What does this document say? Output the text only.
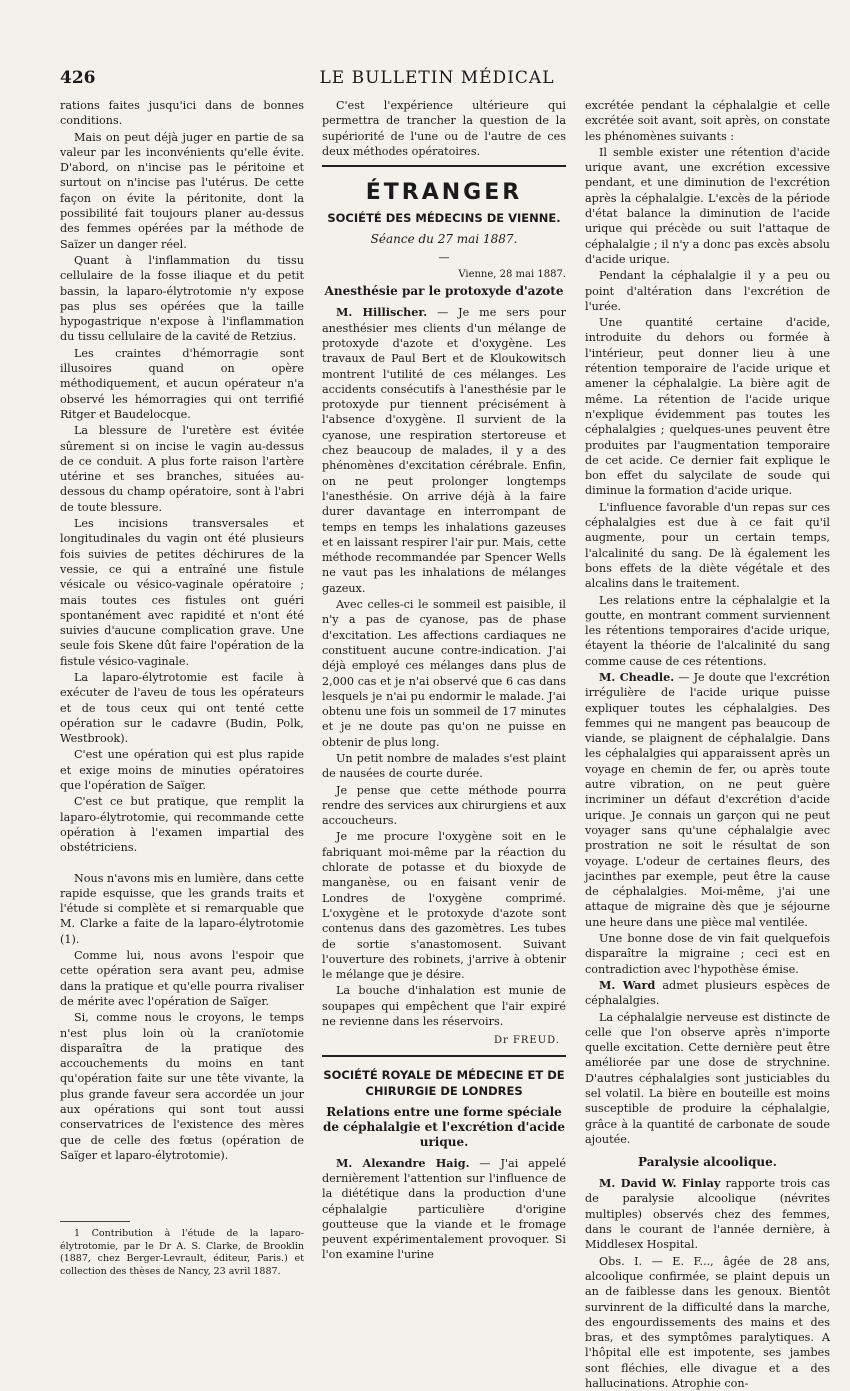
426	LE BULLETIN MÉDICAL

rations faites jusqu'ici dans de bonnes conditions.

Mais on peut déjà juger en partie de sa valeur par les inconvénients qu'elle évite. D'abord, on n'incise pas le péritoine et surtout on n'incise pas l'utérus. De cette façon on évite la péritonite, dont la possibilité fait toujours planer au-dessus des femmes opérées par la méthode de Saïzer un danger réel.

Quant à l'inflammation du tissu cellulaire de la fosse iliaque et du petit bassin, la laparo-élytrotomie n'y expose pas plus ses opérées que la taille hypogastrique n'expose à l'inflammation du tissu cellulaire de la cavité de Retzius.

Les craintes d'hémorragie sont illusoires quand on opère méthodiquement, et aucun opérateur n'a observé les hémorragies qui ont terrifié Ritger et Baudelocque.

La blessure de l'uretère est évitée sûrement si on incise le vagin au-dessus de ce conduit. A plus forte raison l'artère utérine et ses branches, situées au-dessous du champ opératoire, sont à l'abri de toute blessure.

Les incisions transversales et longitudinales du vagin ont été plusieurs fois suivies de petites déchirures de la vessie, ce qui a entraîné une fistule vésicale ou vésico-vaginale opératoire ; mais toutes ces fistules ont guéri spontanément avec rapidité et n'ont été suivies d'aucune complication grave. Une seule fois Skene dût faire l'opération de la fistule vésico-vaginale.

La laparo-élytrotomie est facile à exécuter de l'aveu de tous les opérateurs et de tous ceux qui ont tenté cette opération sur le cadavre (Budin, Polk, Westbrook).

C'est une opération qui est plus rapide et exige moins de minuties opératoires que l'opération de Saïger.

C'est ce but pratique, que remplit la laparo-élytrotomie, qui recommande cette opération à l'examen impartial des obstétriciens.

Nous n'avons mis en lumière, dans cette rapide esquisse, que les grands traits et l'étude si complète et si remarquable que M. Clarke a faite de la laparo-élytrotomie (1).

Comme lui, nous avons l'espoir que cette opération sera avant peu, admise dans la pratique et qu'elle pourra rivaliser de mérite avec l'opération de Saïger.

Si, comme nous le croyons, le temps n'est plus loin où la cranïotomie disparaîtra de la pratique des accouchements du moins en tant qu'opération faite sur une tête vivante, la plus grande faveur sera accordée un jour aux opérations qui sont tout aussi conservatrices de l'existence des mères que de celle des fœtus (opération de Saïger et laparo-élytrotomie).

1 Contribution à l'étude de la laparo-élytrotomie, par le Dr A. S. Clarke, de Brooklin (1887, chez Berger-Levrault, éditeur, Paris.) et collection des thèses de Nancy, 23 avril 1887.

C'est l'expérience ultérieure qui permettra de trancher la question de la supériorité de l'une ou de l'autre de ces deux méthodes opératoires.

ÉTRANGER
SOCIÉTÉ DES MÉDECINS DE VIENNE.
Séance du 27 mai 1887.
—
Vienne, 28 mai 1887.
Anesthésie par le protoxyde d'azote

M. Hillischer. — Je me sers pour anesthésier mes clients d'un mélange de protoxyde d'azote et d'oxygène. Les travaux de Paul Bert et de Kloukowitsch montrent l'utilité de ces mélanges. Les accidents consécutifs à l'anesthésie par le protoxyde pur tiennent précisément à l'absence d'oxygène. Il survient de la cyanose, une respiration stertoreuse et chez beaucoup de malades, il y a des phénomènes d'excitation cérébrale. Enfin, on ne peut prolonger longtemps l'anesthésie. On arrive déjà à la faire durer davantage en interrompant de temps en temps les inhalations gazeuses et en laissant respirer l'air pur. Mais, cette méthode recommandée par Spencer Wells ne vaut pas les inhalations de mélanges gazeux.

Avec celles-ci le sommeil est paisible, il n'y a pas de cyanose, pas de phase d'excitation. Les affections cardiaques ne constituent aucune contre-indication. J'ai déjà employé ces mélanges dans plus de 2,000 cas et je n'ai observé que 6 cas dans lesquels je n'ai pu endormir le malade. J'ai obtenu une fois un sommeil de 17 minutes et je ne doute pas qu'on ne puisse en obtenir de plus long.

Un petit nombre de malades s'est plaint de nausées de courte durée.

Je pense que cette méthode pourra rendre des services aux chirurgiens et aux accoucheurs.

Je me procure l'oxygène soit en le fabriquant moi-même par la réaction du chlorate de potasse et du bioxyde de manganèse, ou en faisant venir de Londres de l'oxygène comprimé. L'oxygène et le protoxyde d'azote sont contenus dans des gazomètres. Les tubes de sortie s'anastomosent. Suivant l'ouverture des robinets, j'arrive à obtenir le mélange que je désire.

La bouche d'inhalation est munie de soupapes qui empêchent que l'air expiré ne revienne dans les réservoirs.

Dr FREUD.
SOCIÉTÉ ROYALE DE MÉDECINE ET DE CHIRURGIE DE LONDRES
Relations entre une forme spéciale de céphalalgie et l'excrétion d'acide urique.

M. Alexandre Haig. — J'ai appelé dernièrement l'attention sur l'influence de la diététique dans la production d'une céphalalgie particulière d'origine goutteuse que la viande et le fromage peuvent expérimentalement provoquer. Si l'on examine l'urine

excrétée pendant la céphalalgie et celle excrétée soit avant, soit après, on constate les phénomènes suivants :

Il semble exister une rétention d'acide urique avant, une excrétion excessive pendant, et une diminution de l'excrétion après la céphalalgie. L'excès de la période d'état balance la diminution de l'acide urique qui précède ou suit l'attaque de céphalalgie ; il n'y a donc pas excès absolu d'acide urique.

Pendant la céphalalgie il y a peu ou point d'altération dans l'excrétion de l'urée.

Une quantité certaine d'acide, introduite du dehors ou formée à l'intérieur, peut donner lieu à une rétention temporaire de l'acide urique et amener la céphalalgie. La bière agit de même. La rétention de l'acide urique n'explique évidemment pas toutes les céphalalgies ; quelques-unes peuvent être produites par l'augmentation temporaire de cet acide. Ce dernier fait explique le bon effet du salycilate de soude qui diminue la formation d'acide urique.

L'influence favorable d'un repas sur ces céphalalgies est due à ce fait qu'il augmente, pour un certain temps, l'alcalinité du sang. De là également les bons effets de la diète végétale et des alcalins dans le traitement.

Les relations entre la céphalalgie et la goutte, en montrant comment surviennent les rétentions temporaires d'acide urique, étayent la théorie de l'alcalinité du sang comme cause de ces rétentions.

M. Cheadle. — Je doute que l'excrétion irrégulière de l'acide urique puisse expliquer toutes les céphalalgies. Des femmes qui ne mangent pas beaucoup de viande, se plaignent de céphalalgie. Dans les céphalalgies qui apparaissent après un voyage en chemin de fer, ou après toute autre vibration, on ne peut guère incriminer un défaut d'excrétion d'acide urique. Je connais un garçon qui ne peut voyager sans qu'une céphalalgie avec prostration ne soit le résultat de son voyage. L'odeur de certaines fleurs, des jacinthes par exemple, peut être la cause de céphalalgies. Moi-même, j'ai une attaque de migraine dès que je séjourne une heure dans une pièce mal ventilée.

Une bonne dose de vin fait quelquefois disparaître la migraine ; ceci est en contradiction avec l'hypothèse émise.

M. Ward admet plusieurs espèces de céphalalgies.

La céphalalgie nerveuse est distincte de celle que l'on observe après n'importe quelle excitation. Cette dernière peut être améliorée par une dose de strychnine. D'autres céphalalgies sont justiciables du sel volatil. La bière en bouteille est moins susceptible de produire la céphalalgie, grâce à la quantité de carbonate de soude ajoutée.

Paralysie alcoolique.

M. David W. Finlay rapporte trois cas de paralysie alcoolique (névrites multiples) observés chez des femmes, dans le courant de l'année dernière, à Middlesex Hospital.

Obs. I. — E. F..., âgée de 28 ans, alcoolique confirmée, se plaint depuis un an de faiblesse dans les genoux. Bientôt survinrent de la difficulté dans la marche, des engourdissements des mains et des bras, et des symptômes paralytiques. A l'hôpital elle est impotente, ses jambes sont fléchies, elle divague et a des hallucinations. Atrophie con-
